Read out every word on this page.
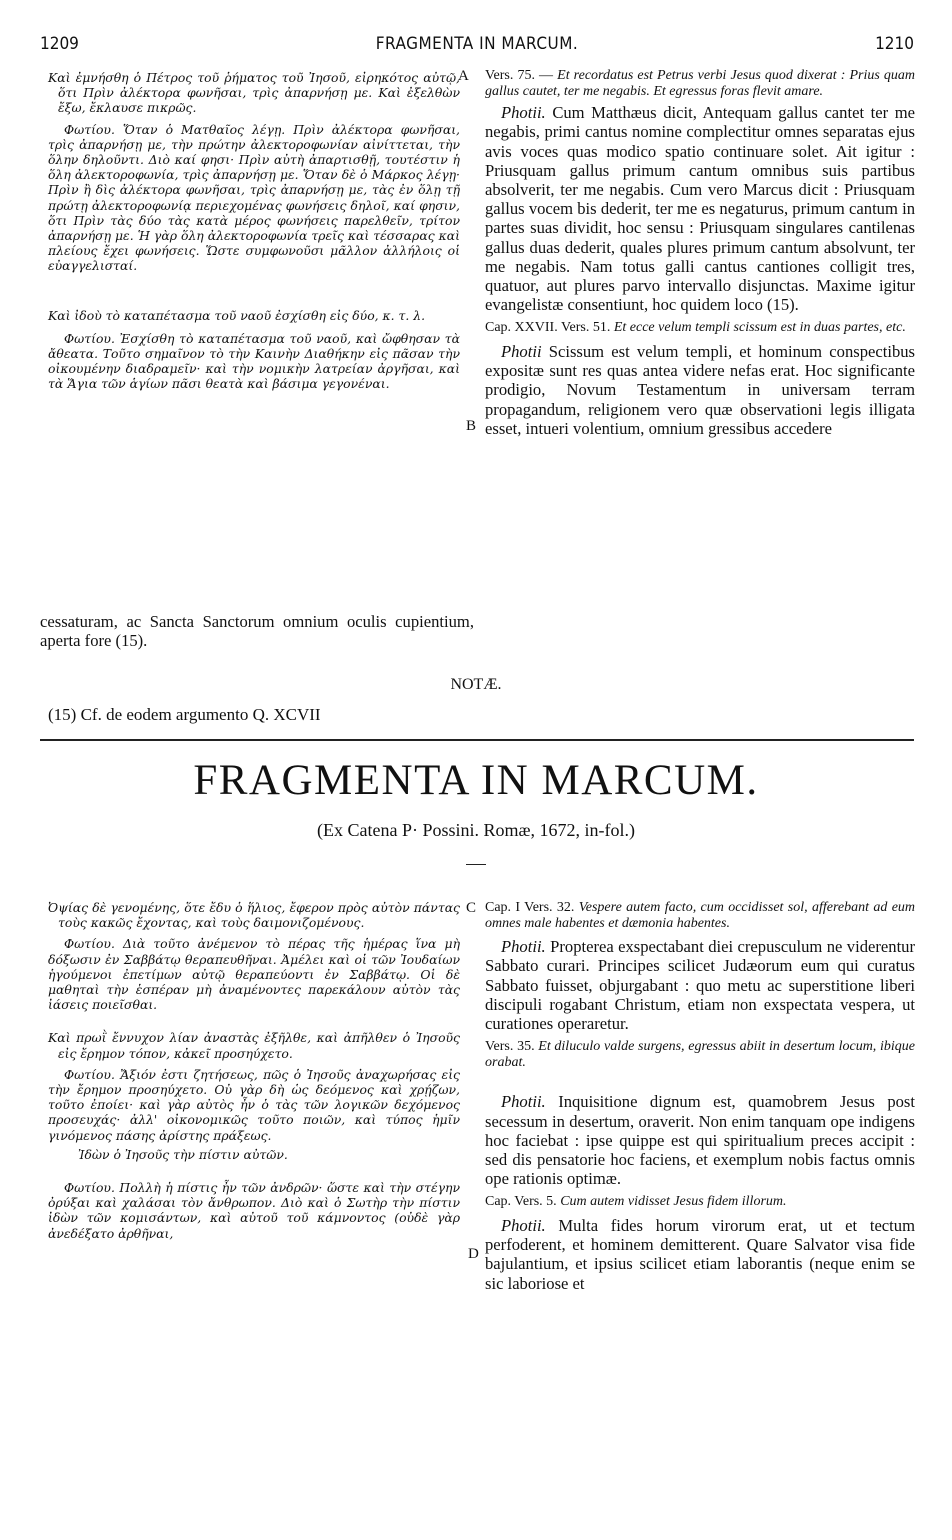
1209	FRAGMENTA IN MARCUM.	1210
A
B
C
D

Καὶ ἐμνήσθη ὁ Πέτρος τοῦ ῥήματος τοῦ Ἰησοῦ, εἰρηκότος αὐτῷ, ὅτι Πρὶν ἀλέκτορα φωνῆσαι, τρὶς ἀπαρνήσῃ με. Καὶ ἐξελθὼν ἔξω, ἔκλαυσε πικρῶς.

Φωτίου. Ὅταν ὁ Ματθαῖος λέγῃ. Πρὶν ἀλέκτορα φωνῆσαι, τρὶς ἀπαρνήσῃ με, τὴν πρώτην ἀλεκτοροφωνίαν αἰνίττεται, τὴν ὅλην δηλοῦντι. Διὸ καί φησι· Πρὶν αὐτὴ ἀπαρτισθῇ, τουτέστιν ἡ ὅλη ἀλεκτοροφωνία, τρὶς ἀπαρνήσῃ με. Ὅταν δὲ ὁ Μάρκος λέγῃ· Πρὶν ἢ δὶς ἀλέκτορα φωνῆσαι, τρὶς ἀπαρνήσῃ με, τὰς ἐν ὅλῃ τῇ πρώτῃ ἀλεκτοροφωνίᾳ περιεχομένας φωνήσεις δηλοῖ, καί φησιν, ὅτι Πρὶν τὰς δύο τὰς κατὰ μέρος φωνήσεις παρελθεῖν, τρίτον ἀπαρνήσῃ με. Ἡ γὰρ ὅλη ἀλεκτοροφωνία τρεῖς καὶ τέσσαρας καὶ πλείους ἔχει φωνήσεις. Ὥστε συμφωνοῦσι μᾶλλον ἀλλήλοις οἱ εὐαγγελισταί.

Καὶ ἰδοὺ τὸ καταπέτασμα τοῦ ναοῦ ἐσχίσθη εἰς δύο, κ. τ. λ.

Φωτίου. Ἐσχίσθη τὸ καταπέτασμα τοῦ ναοῦ, καὶ ὤφθησαν τὰ ἄθεατα. Τοῦτο σημαῖνον τὸ τὴν Καινὴν Διαθήκην εἰς πᾶσαν τὴν οἰκουμένην διαδραμεῖν· καὶ τὴν νομικὴν λατρείαν ἀργῆσαι, καὶ τὰ Ἅγια τῶν ἁγίων πᾶσι θεατὰ καὶ βάσιμα γεγονέναι.

cessaturam, ac Sancta Sanctorum omnium oculis cupientium, aperta fore (15).

Vers. 75. — Et recordatus est Petrus verbi Jesus quod dixerat : Prius quam gallus cautet, ter me negabis. Et egressus foras flevit amare.

Photii. Cum Matthæus dicit, Antequam gallus cantet ter me negabis, primi cantus nomine complectitur omnes separatas ejus avis voces quas modico spatio continuare solet. Ait igitur : Priusquam gallus primum cantum omnibus suis partibus absolverit, ter me negabis. Cum vero Marcus dicit : Priusquam gallus vocem bis dederit, ter me es negaturus, primum cantum in partes suas dividit, hoc sensu : Priusquam singulares cantilenas gallus duas dederit, quales plures primum cantum absolvunt, ter me negabis. Nam totus galli cantus cantiones colligit tres, quatuor, aut plures parvo intervallo disjunctas. Maxime igitur evangelistæ consentiunt, hoc quidem loco (15).

Cap. XXVII. Vers. 51. Et ecce velum templi scissum est in duas partes, etc.

Photii Scissum est velum templi, et hominum conspectibus expositæ sunt res quas antea videre nefas erat. Hoc significante prodigio, Novum Testamentum in universam terram propagandum, religionem vero quæ observationi legis illigata esset, intueri volentium, omnium gressibus accedere

NOTÆ.
(15) Cf. de eodem argumento Q. XCVII
FRAGMENTA IN MARCUM.
(Ex Catena P· Possini. Romæ, 1672, in-fol.)

Ὀψίας δὲ γενομένης, ὅτε ἔδυ ὁ ἥλιος, ἔφερον πρὸς αὐτὸν πάντας τοὺς κακῶς ἔχοντας, καὶ τοὺς δαιμονιζομένους.

Φωτίου. Διὰ τοῦτο ἀνέμενον τὸ πέρας τῆς ἡμέρας ἵνα μὴ δόξωσιν ἐν Σαββάτῳ θεραπευθῆναι. Ἀμέλει καὶ οἱ τῶν Ἰουδαίων ἡγούμενοι ἐπετίμων αὐτῷ θεραπεύοντι ἐν Σαββάτῳ. Οἱ δὲ μαθηταὶ τὴν ἑσπέραν μὴ ἀναμένοντες παρεκάλουν αὐτὸν τὰς ἰάσεις ποιεῖσθαι.

Καὶ πρωῒ ἔννυχον λίαν ἀναστὰς ἐξῆλθε, καὶ ἀπῆλθεν ὁ Ἰησοῦς εἰς ἔρημον τόπον, κἀκεῖ προσηύχετο.

Φωτίου. Ἄξιόν ἐστι ζητήσεως, πῶς ὁ Ἰησοῦς ἀναχωρήσας εἰς τὴν ἔρημον προσηύχετο. Οὐ γὰρ δὴ ὡς δεόμενος καὶ χρῄζων, τοῦτο ἐποίει· καὶ γὰρ αὐτὸς ἦν ὁ τὰς τῶν λογικῶν δεχόμενος προσευχάς· ἀλλ' οἰκονομικῶς τοῦτο ποιῶν, καὶ τύπος ἡμῖν γινόμενος πάσης ἀρίστης πράξεως.

Ἰδὼν ὁ Ἰησοῦς τὴν πίστιν αὐτῶν.

Φωτίου. Πολλὴ ἡ πίστις ἦν τῶν ἀνδρῶν· ὥστε καὶ τὴν στέγην ὀρύξαι καὶ χαλάσαι τὸν ἄνθρωπον. Διὸ καὶ ὁ Σωτὴρ τὴν πίστιν ἰδὼν τῶν κομισάντων, καὶ αὐτοῦ τοῦ κάμνοντος (οὐδὲ γὰρ ἀνεδέξατο ἀρθῆναι,

Cap. I Vers. 32. Vespere autem facto, cum occidisset sol, afferebant ad eum omnes male habentes et dæmonia habentes.

Photii. Propterea exspectabant diei crepusculum ne viderentur Sabbato curari. Principes scilicet Judæorum eum qui curatus Sabbato fuisset, objurgabant : quo metu ac superstitione liberi discipuli rogabant Christum, etiam non exspectata vespera, ut curationes operaretur.

Vers. 35. Et diluculo valde surgens, egressus abiit in desertum locum, ibique orabat.

Photii. Inquisitione dignum est, quamobrem Jesus post secessum in desertum, oraverit. Non enim tanquam ope indigens hoc faciebat : ipse quippe est qui spiritualium preces accipit : sed dis pensatorie hoc faciens, et exemplum nobis factus omnis ope rationis optimæ.

Cap. Vers. 5. Cum autem vidisset Jesus fidem illorum.

Photii. Multa fides horum virorum erat, ut et tectum perfoderent, et hominem demitterent. Quare Salvator visa fide bajulantium, et ipsius scilicet etiam laborantis (neque enim se sic laboriose et
